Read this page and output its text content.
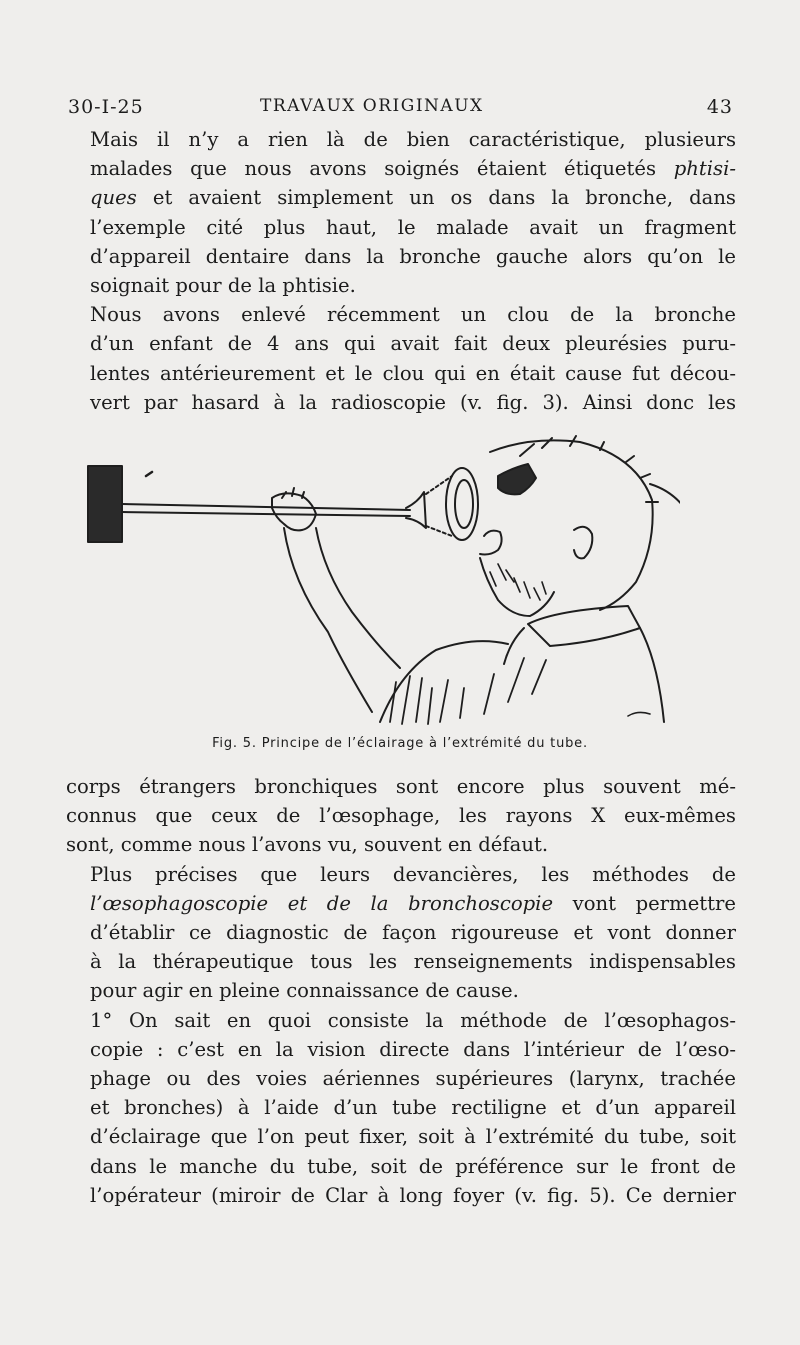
30-I-25	TRAVAUX ORIGINAUX	43

Mais il n’y a rien là de bien caractéristique, plusieurs
malades que nous avons soignés étaient étiquetés phtisi-
ques et avaient simplement un os dans la bronche, dans
l’exemple cité plus haut, le malade avait un fragment
d’appareil dentaire dans la bronche gauche alors qu’on le
soignait pour de la phtisie.

Nous avons enlevé récemment un clou de la bronche
d’un enfant de 4 ans qui avait fait deux pleurésies puru-
lentes antérieurement et le clou qui en était cause fut décou-
vert par hasard à la radioscopie (v. fig. 3). Ainsi donc les

Fig. 5. Principe de l’éclairage à l’extrémité du tube.

corps étrangers bronchiques sont encore plus souvent mé-
connus que ceux de l’œsophage, les rayons X eux-mêmes
sont, comme nous l’avons vu, souvent en défaut.

Plus précises que leurs devancières, les méthodes de
l’œsophagoscopie et de la bronchoscopie vont permettre
d’établir ce diagnostic de façon rigoureuse et vont donner
à la thérapeutique tous les renseignements indispensables
pour agir en pleine connaissance de cause.

1° On sait en quoi consiste la méthode de l’œsophagos-
copie : c’est en la vision directe dans l’intérieur de l’œso-
phage ou des voies aériennes supérieures (larynx, trachée
et bronches) à l’aide d’un tube rectiligne et d’un appareil
d’éclairage que l’on peut fixer, soit à l’extrémité du tube, soit
dans le manche du tube, soit de préférence sur le front de
l’opérateur (miroir de Clar à long foyer (v. fig. 5). Ce dernier
